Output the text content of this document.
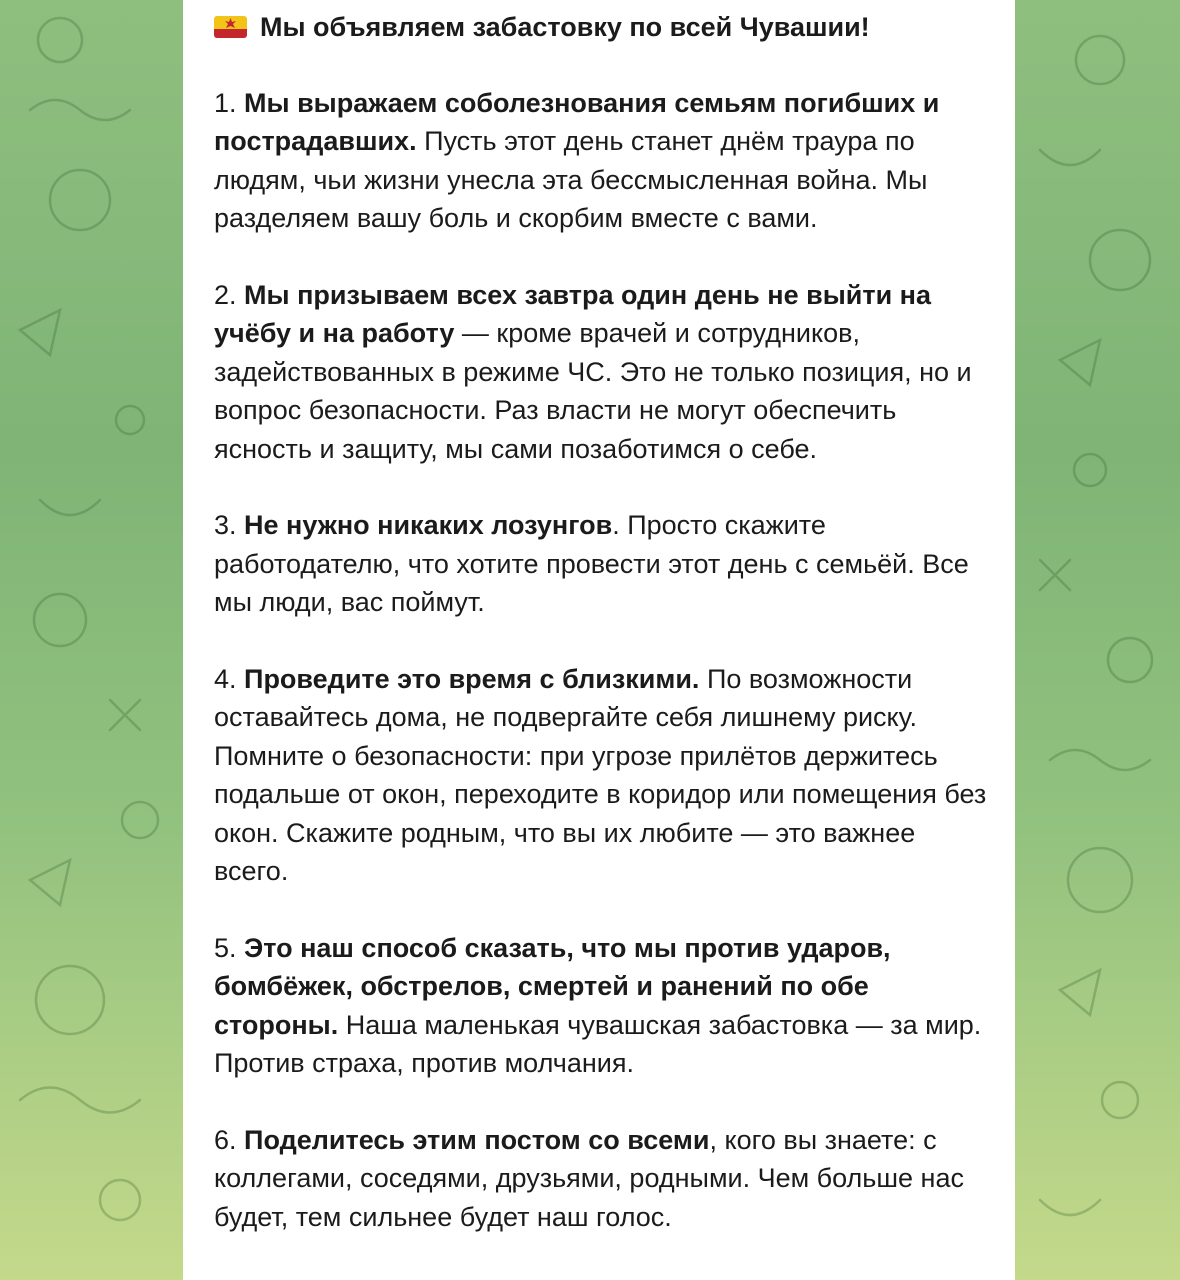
Мы объявляем забастовку по всей Чувашии!
1. Мы выражаем соболезнования семьям погибших и пострадавших. Пусть этот день станет днём траура по людям, чьи жизни унесла эта бессмысленная война. Мы разделяем вашу боль и скорбим вместе с вами.
2. Мы призываем всех завтра один день не выйти на учёбу и на работу — кроме врачей и сотрудников, задействованных в режиме ЧС. Это не только позиция, но и вопрос безопасности. Раз власти не могут обеспечить ясность и защиту, мы сами позаботимся о себе.
3. Не нужно никаких лозунгов. Просто скажите работодателю, что хотите провести этот день с семьёй. Все мы люди, вас поймут.
4. Проведите это время с близкими. По возможности оставайтесь дома, не подвергайте себя лишнему риску. Помните о безопасности: при угрозе прилётов держитесь подальше от окон, переходите в коридор или помещения без окон. Скажите родным, что вы их любите — это важнее всего.
5. Это наш способ сказать, что мы против ударов, бомбёжек, обстрелов, смертей и ранений по обе стороны. Наша маленькая чувашская забастовка — за мир. Против страха, против молчания.
6. Поделитесь этим постом со всеми, кого вы знаете: с коллегами, соседями, друзьями, родными. Чем больше нас будет, тем сильнее будет наш голос.
